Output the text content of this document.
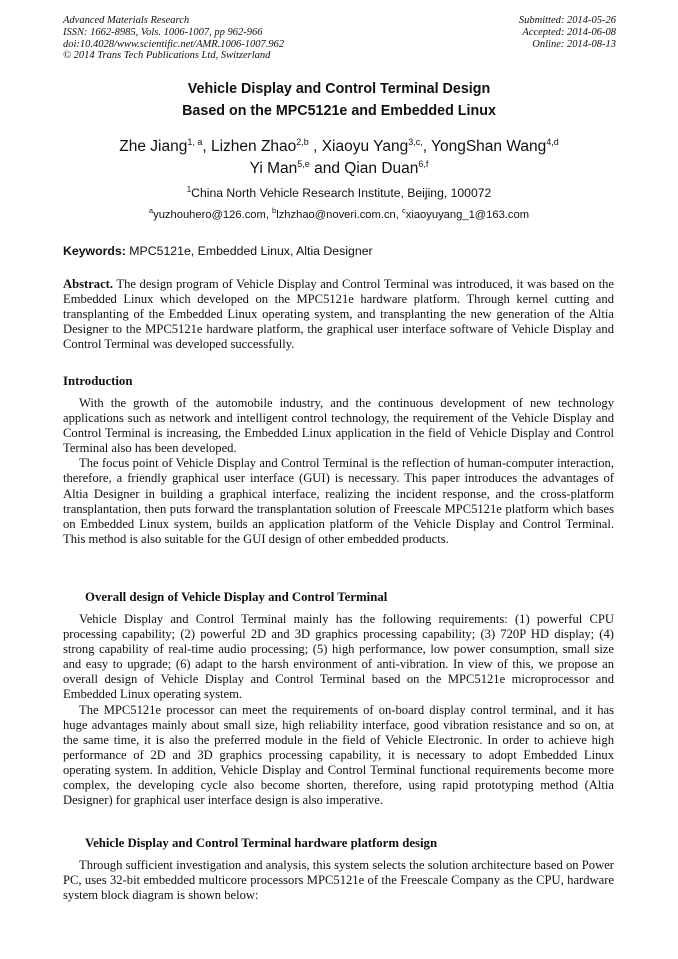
Advanced Materials Research
ISSN: 1662-8985, Vols. 1006-1007, pp 962-966
doi:10.4028/www.scientific.net/AMR.1006-1007.962
© 2014 Trans Tech Publications Ltd, Switzerland
Submitted: 2014-05-26
Accepted: 2014-06-08
Online: 2014-08-13
Vehicle Display and Control Terminal Design
Based on the MPC5121e and Embedded Linux
Zhe Jiang$^{1, a}$, Lizhen Zhao$^{2,b}$ , Xiaoyu Yang$^{3,c,}$, YongShan Wang$^{4,d}$
Yi Man$^{5,e}$ and Qian Duan$^{6,f}$
$^1$China North Vehicle Research Institute, Beijing, 100072
$^a$yuzhouhero@126.com, $^b$lzhzhao@noveri.com.cn, $^c$xiaoyuyang_1@163.com
Keywords: MPC5121e, Embedded Linux, Altia Designer

Abstract. The design program of Vehicle Display and Control Terminal was introduced, it was based on the Embedded Linux which developed on the MPC5121e hardware platform. Through kernel cutting and transplanting of the Embedded Linux operating system, and transplanting the new generation of the Altia Designer to the MPC5121e hardware platform, the graphical user interface software of Vehicle Display and Control Terminal was developed successfully.

Introduction

With the growth of the automobile industry, and the continuous development of new technology applications such as network and intelligent control technology, the requirement of the Vehicle Display and Control Terminal is increasing, the Embedded Linux application in the field of Vehicle Display and Control Terminal also has been developed.

The focus point of Vehicle Display and Control Terminal is the reflection of human-computer interaction, therefore, a friendly graphical user interface (GUI) is necessary. This paper introduces the advantages of Altia Designer in building a graphical interface, realizing the incident response, and the cross-platform transplantation, then puts forward the transplantation solution of Freescale MPC5121e platform which bases on Embedded Linux system, builds an application platform of the Vehicle Display and Control Terminal. This method is also suitable for the GUI design of other embedded products.

Overall design of Vehicle Display and Control Terminal

Vehicle Display and Control Terminal mainly has the following requirements: (1) powerful CPU processing capability; (2) powerful 2D and 3D graphics processing capability; (3) 720P HD display; (4) strong capability of real-time audio processing; (5) high performance, low power consumption, small size and easy to upgrade; (6) adapt to the harsh environment of anti-vibration. In view of this, we propose an overall design of Vehicle Display and Control Terminal based on the MPC5121e microprocessor and Embedded Linux operating system.

The MPC5121e processor can meet the requirements of on-board display control terminal, and it has huge advantages mainly about small size, high reliability interface, good vibration resistance and so on, at the same time, it is also the preferred module in the field of Vehicle Electronic. In order to achieve high performance of 2D and 3D graphics processing capability, it is necessary to adopt Embedded Linux operating system. In addition, Vehicle Display and Control Terminal functional requirements become more complex, the developing cycle also become shorten, therefore, using rapid prototyping method (Altia Designer) for graphical user interface design is also imperative.

Vehicle Display and Control Terminal hardware platform design

Through sufficient investigation and analysis, this system selects the solution architecture based on Power PC, uses 32-bit embedded multicore processors MPC5121e of the Freescale Company as the CPU, hardware system block diagram is shown below:
